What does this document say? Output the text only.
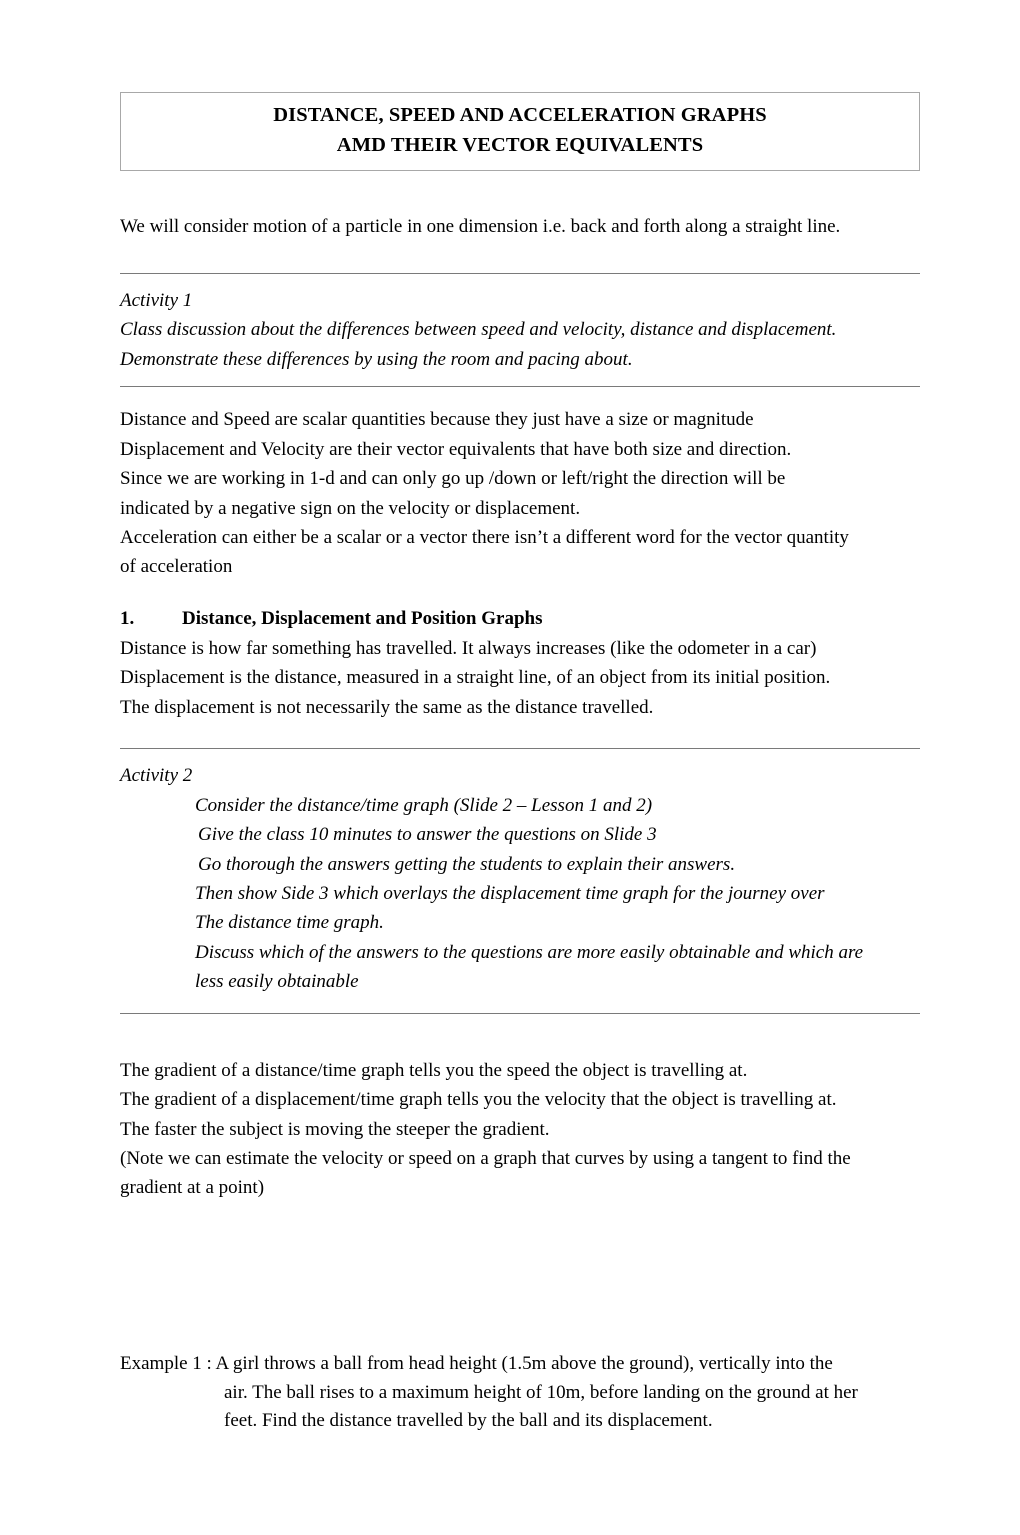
DISTANCE, SPEED AND ACCELERATION GRAPHS
AMD THEIR VECTOR EQUIVALENTS

We will consider motion of a particle in one dimension i.e. back and forth along a straight line.

Activity 1
Class discussion about the differences between speed and velocity, distance and displacement.
Demonstrate these differences by using the room and pacing about.
Distance and Speed are scalar quantities because they just have a size or magnitude
Displacement and Velocity are their vector equivalents that have both size and direction.
Since we are working in 1-d and can only go up /down or left/right the direction will be
indicated by a negative sign on the velocity or displacement.
Acceleration can either be a scalar or a vector there isn’t a different word for the vector quantity
of acceleration
1.	Distance, Displacement and Position Graphs
Distance is how far something has travelled. It always increases (like the odometer in a car)
Displacement is the distance, measured in a straight line, of an object from its initial position.
The displacement is not necessarily the same as the distance travelled.
Activity 2
Consider the distance/time graph (Slide 2 – Lesson 1 and 2)
Give the class 10 minutes to answer the questions on Slide 3
Go thorough the answers getting the students to explain their answers.
Then show Side 3 which overlays the displacement time graph for the journey over
The distance time graph.
Discuss which of the answers to the questions are more easily obtainable and which are
less easily obtainable
The gradient of a distance/time graph tells you the speed the object is travelling at.
The gradient of a displacement/time graph tells you the velocity that the object is travelling at.
The faster the subject is moving the steeper the gradient.
(Note we can estimate the velocity or speed on a graph that curves by using a tangent to find the
gradient at a point)
Example 1 : A girl throws a ball from head height (1.5m above the ground), vertically into the
air. The ball rises to a maximum height of 10m, before landing on the ground at her
feet. Find the distance travelled by the ball and its displacement.
